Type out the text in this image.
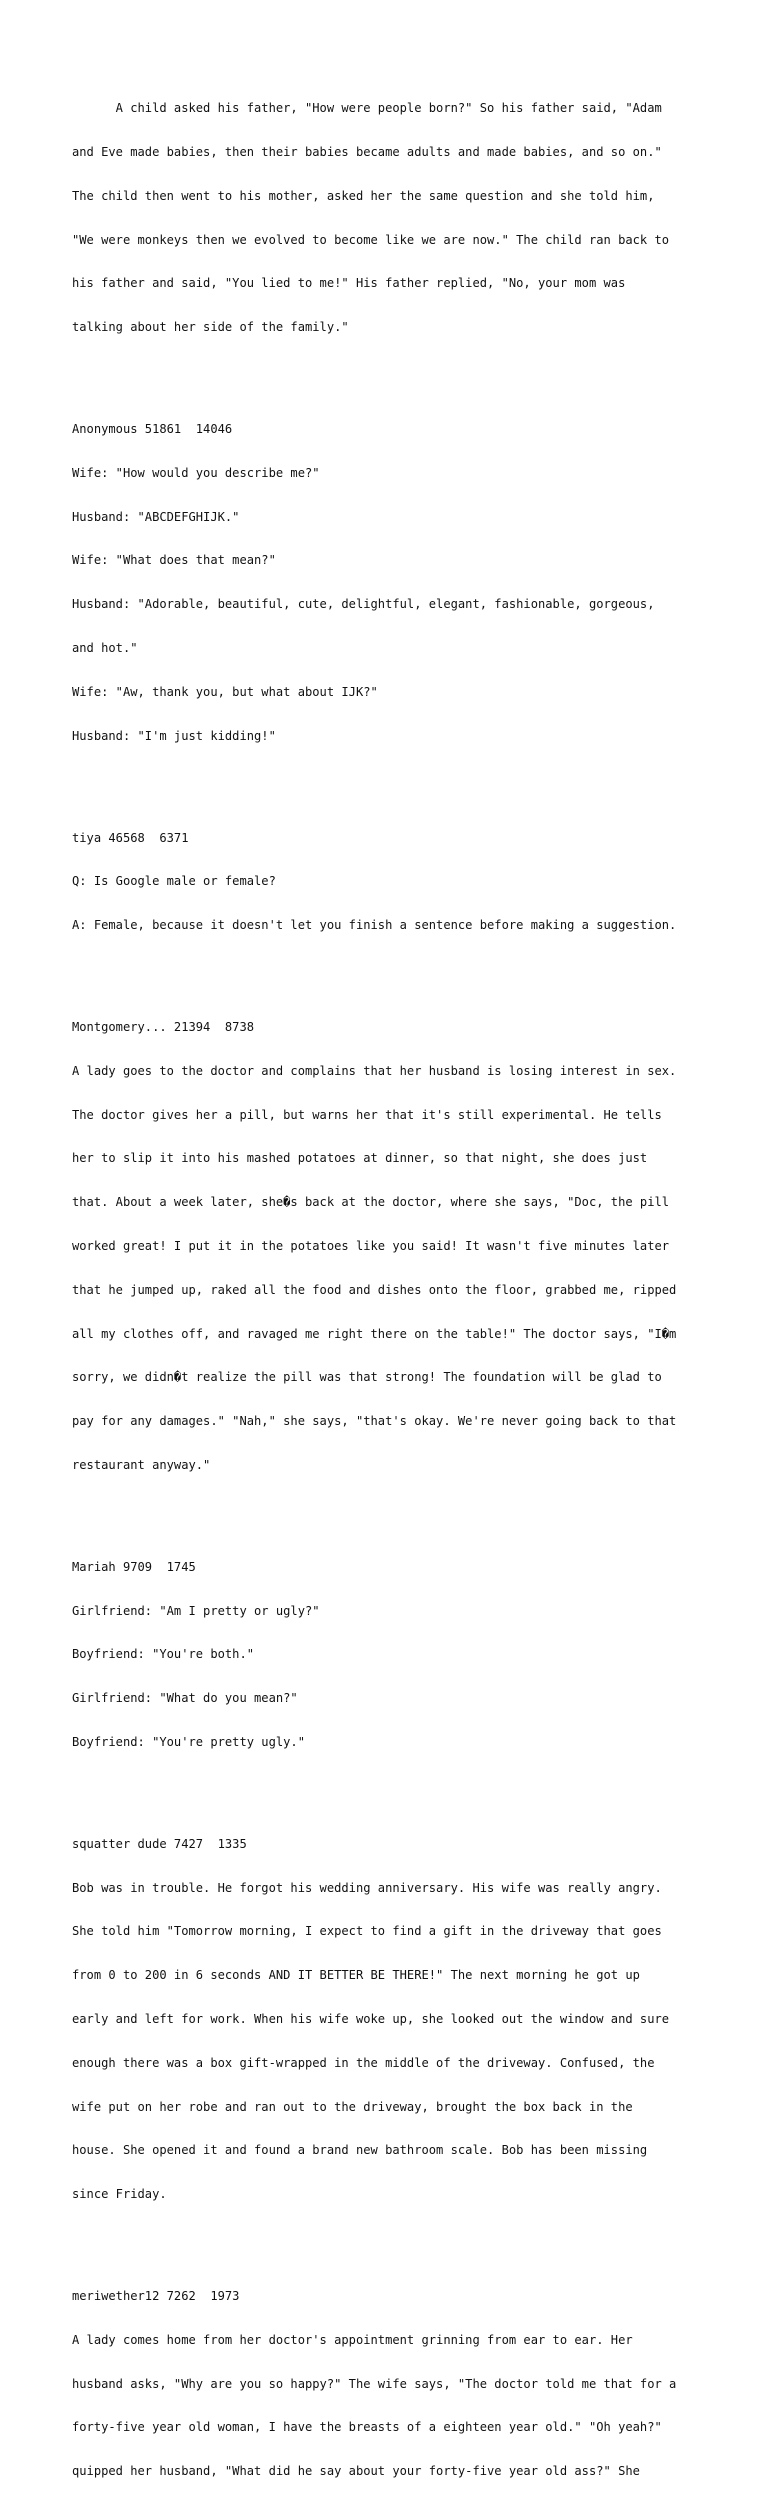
A child asked his father, "How were people born?" So his father said, "Adam

and Eve made babies, then their babies became adults and made babies, and so on."

The child then went to his mother, asked her the same question and she told him,

"We were monkeys then we evolved to become like we are now." The child ran back to

his father and said, "You lied to me!" His father replied, "No, your mom was

talking about her side of the family."

Anonymous 51861  14046

Wife: "How would you describe me?"

Husband: "ABCDEFGHIJK."

Wife: "What does that mean?"

Husband: "Adorable, beautiful, cute, delightful, elegant, fashionable, gorgeous,

and hot."

Wife: "Aw, thank you, but what about IJK?"

Husband: "I'm just kidding!"

tiya 46568  6371

Q: Is Google male or female?

A: Female, because it doesn't let you finish a sentence before making a suggestion.

Montgomery... 21394  8738

A lady goes to the doctor and complains that her husband is losing interest in sex.

The doctor gives her a pill, but warns her that it's still experimental. He tells

her to slip it into his mashed potatoes at dinner, so that night, she does just

that. About a week later, she�s back at the doctor, where she says, "Doc, the pill

worked great! I put it in the potatoes like you said! It wasn't five minutes later

that he jumped up, raked all the food and dishes onto the floor, grabbed me, ripped

all my clothes off, and ravaged me right there on the table!" The doctor says, "I�m

sorry, we didn�t realize the pill was that strong! The foundation will be glad to

pay for any damages." "Nah," she says, "that's okay. We're never going back to that

restaurant anyway."

Mariah 9709  1745

Girlfriend: "Am I pretty or ugly?"

Boyfriend: "You're both."

Girlfriend: "What do you mean?"

Boyfriend: "You're pretty ugly."

squatter dude 7427  1335

Bob was in trouble. He forgot his wedding anniversary. His wife was really angry.

She told him "Tomorrow morning, I expect to find a gift in the driveway that goes

from 0 to 200 in 6 seconds AND IT BETTER BE THERE!" The next morning he got up

early and left for work. When his wife woke up, she looked out the window and sure

enough there was a box gift-wrapped in the middle of the driveway. Confused, the

wife put on her robe and ran out to the driveway, brought the box back in the

house. She opened it and found a brand new bathroom scale. Bob has been missing

since Friday.

meriwether12 7262  1973

A lady comes home from her doctor's appointment grinning from ear to ear. Her

husband asks, "Why are you so happy?" The wife says, "The doctor told me that for a

forty-five year old woman, I have the breasts of a eighteen year old." "Oh yeah?"

quipped her husband, "What did he say about your forty-five year old ass?" She
